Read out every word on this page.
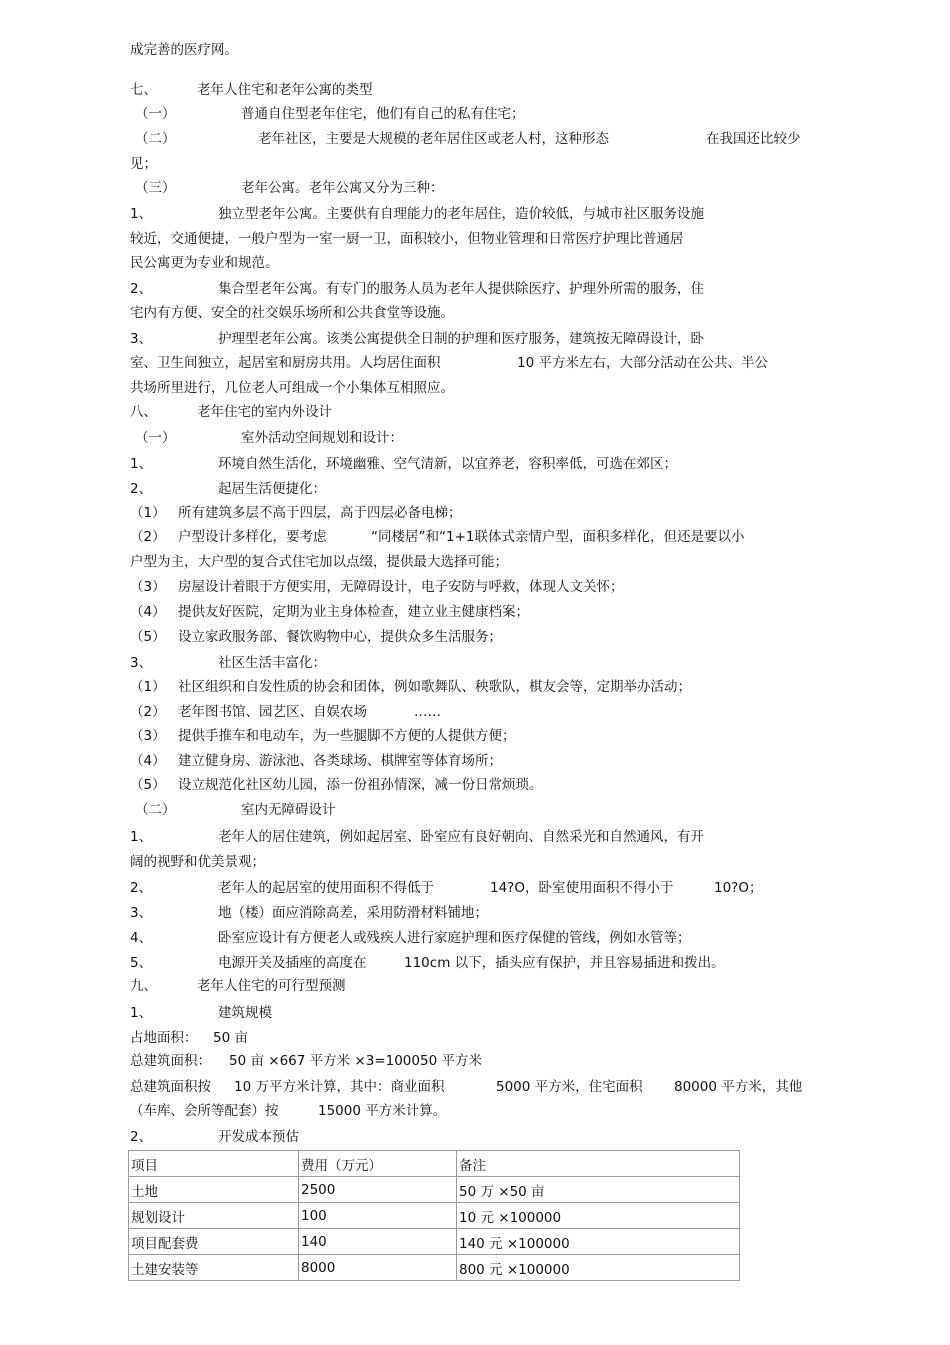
成完善的医疗网。
七、	老年人住宅和老年公寓的类型
（一）	普通自住型老年住宅，他们有自己的私有住宅；
（二）	老年社区，主要是大规模的老年居住区或老人村，这种形态	在我国还比较少
见；
（三）	老年公寓。老年公寓又分为三种：
1、	独立型老年公寓。主要供有自理能力的老年居住，造价较低，与城市社区服务设施
较近，交通便捷，一般户型为一室一厨一卫，面积较小，但物业管理和日常医疗护理比普通居
民公寓更为专业和规范。
2、	集合型老年公寓。有专门的服务人员为老年人提供除医疗、护理外所需的服务，住
宅内有方便、安全的社交娱乐场所和公共食堂等设施。
3、	护理型老年公寓。该类公寓提供全日制的护理和医疗服务，建筑按无障碍设计，卧
室、卫生间独立，起居室和厨房共用。人均居住面积	10 平方米左右，大部分活动在公共、半公
共场所里进行，几位老人可组成一个小集体互相照应。
八、	老年住宅的室内外设计
（一）	室外活动空间规划和设计：
1、	环境自然生活化，环境幽雅、空气清新，以宜养老，容积率低，可选在郊区；
2、	起居生活便捷化：
（1） 所有建筑多层不高于四层，高于四层必备电梯；
（2） 户型设计多样化，要考虑	“同楼居”和“1+1联体式亲情户型，面积多样化，但还是要以小
户型为主，大户型的复合式住宅加以点缀，提供最大选择可能；
（3） 房屋设计着眼于方便实用，无障碍设计，电子安防与呼救，体现人文关怀；
（4） 提供友好医院，定期为业主身体检查，建立业主健康档案；
（5） 设立家政服务部、餐饮购物中心，提供众多生活服务；
3、	社区生活丰富化：
（1） 社区组织和自发性质的协会和团体，例如歌舞队、秧歌队，棋友会等，定期举办活动；
（2） 老年图书馆、园艺区、自娱农场	……
（3） 提供手推车和电动车，为一些腿脚不方便的人提供方便；
（4） 建立健身房、游泳池、各类球场、棋牌室等体育场所；
（5） 设立规范化社区幼儿园，添一份祖孙情深，减一份日常烦琐。
（二）	室内无障碍设计
1、	老年人的居住建筑，例如起居室、卧室应有良好朝向、自然采光和自然通风，有开
阔的视野和优美景观；
2、	老年人的起居室的使用面积不得低于	14?O，卧室使用面积不得小于	10?O；
3、	地（楼）面应消除高差，采用防滑材料铺地；
4、	卧室应设计有方便老人或残疾人进行家庭护理和医疗保健的管线，例如水管等；
5、	电源开关及插座的高度在	110cm 以下，插头应有保护，并且容易插进和拨出。
九、	老年人住宅的可行型预测
1、	建筑规模
占地面积： 50 亩
总建筑面积： 50 亩 ×667 平方米 ×3=100050 平方米
总建筑面积按 10 万平方米计算，其中：商业面积	5000 平方米，住宅面积 80000 平方米，其他
（车库、会所等配套）按	15000 平方米计算。
2、	开发成本预估
项目	费用（万元）	备注
土地	2500	50 万 ×50 亩
规划设计	100	10 元 ×100000
项目配套费	140	140 元 ×100000
土建安装等	8000	800 元 ×100000
